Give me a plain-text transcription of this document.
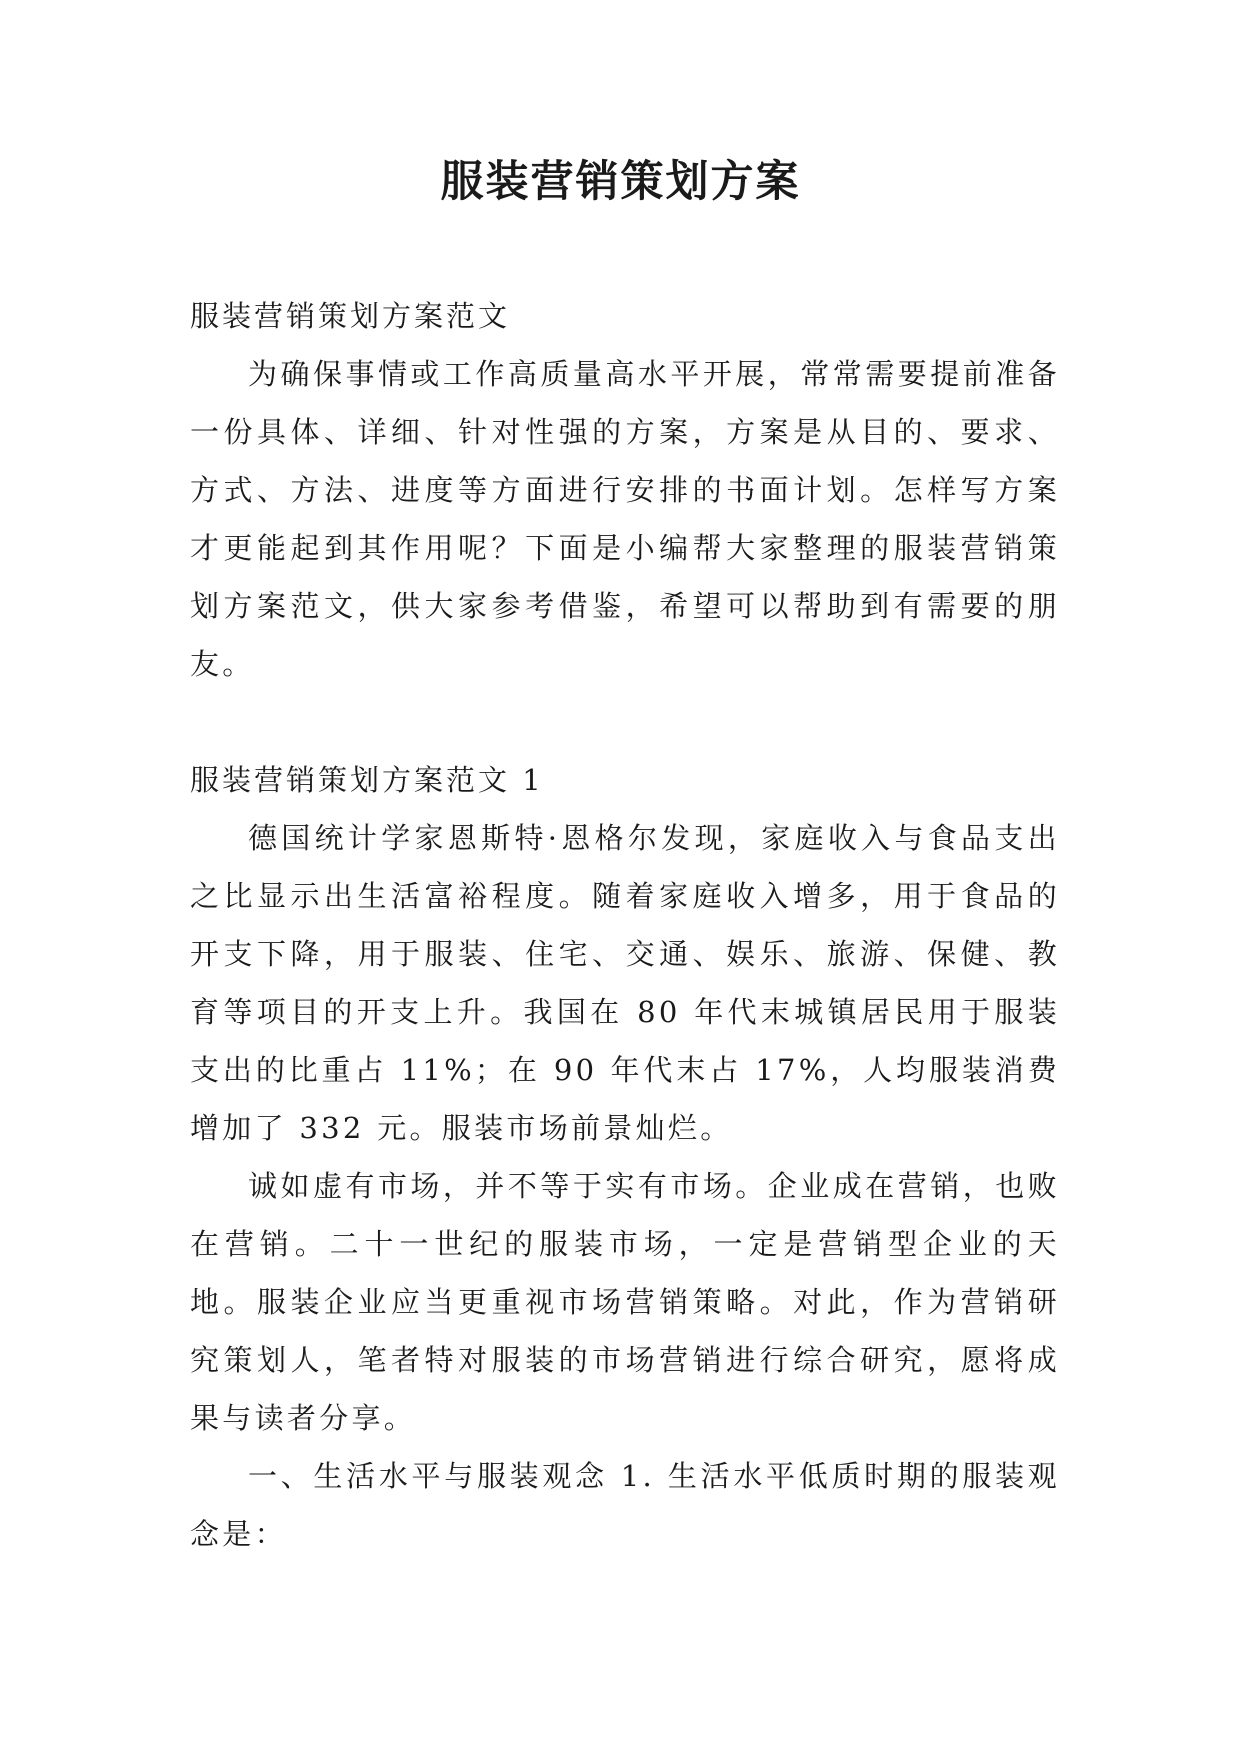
服装营销策划方案

服装营销策划方案范文

为确保事情或工作高质量高水平开展，常常需要提前准备一份具体、详细、针对性强的方案，方案是从目的、要求、方式、方法、进度等方面进行安排的书面计划。怎样写方案才更能起到其作用呢？下面是小编帮大家整理的服装营销策划方案范文，供大家参考借鉴，希望可以帮助到有需要的朋友。

服装营销策划方案范文 1

德国统计学家恩斯特·恩格尔发现，家庭收入与食品支出之比显示出生活富裕程度。随着家庭收入增多，用于食品的开支下降，用于服装、住宅、交通、娱乐、旅游、保健、教育等项目的开支上升。我国在 80 年代末城镇居民用于服装支出的比重占 11%；在 90 年代末占 17%，人均服装消费增加了 332 元。服装市场前景灿烂。

诚如虚有市场，并不等于实有市场。企业成在营销，也败在营销。二十一世纪的服装市场，一定是营销型企业的天地。服装企业应当更重视市场营销策略。对此，作为营销研究策划人，笔者特对服装的市场营销进行综合研究，愿将成果与读者分享。

一、生活水平与服装观念 1. 生活水平低质时期的服装观念是：
